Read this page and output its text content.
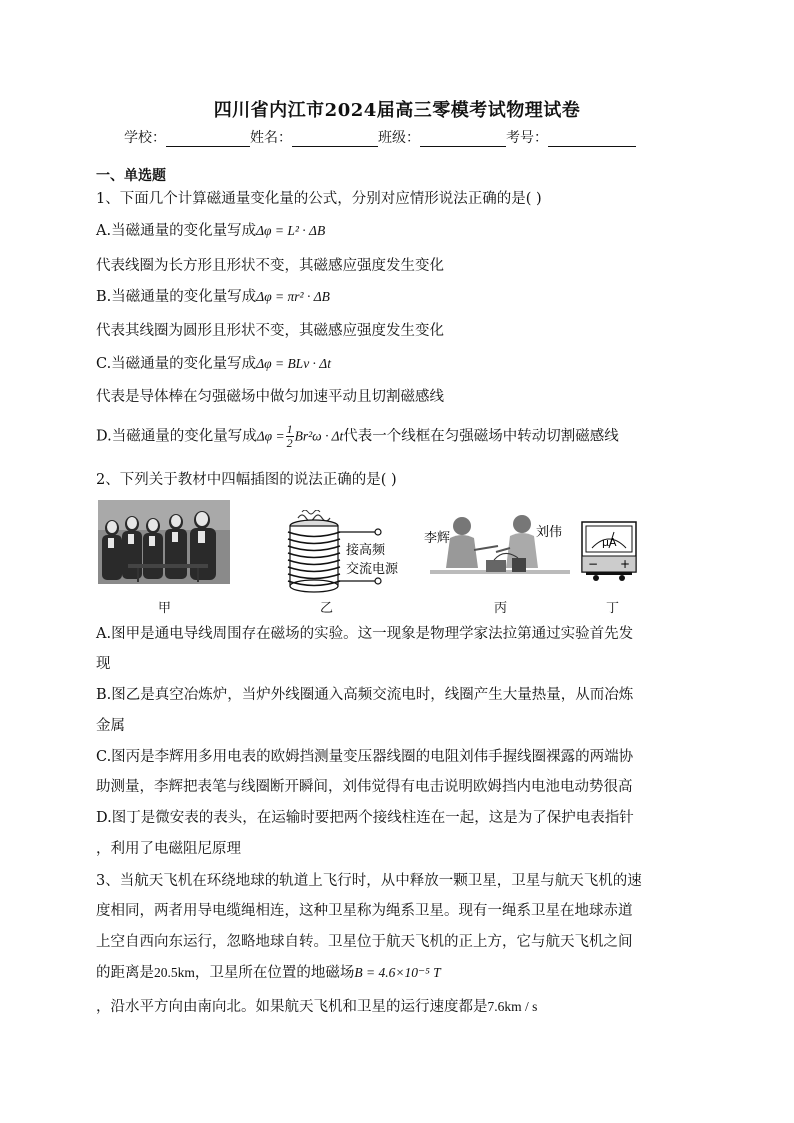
四川省内江市2024届高三零模考试物理试卷
学校：	姓名：	班级：	考号：
一、单选题
1、下面几个计算磁通量变化量的公式，分别对应情形说法正确的是( )
A.当磁通量的变化量写成Δφ = L² · ΔB
代表线圈为长方形且形状不变，其磁感应强度发生变化
B.当磁通量的变化量写成Δφ = πr² · ΔB
代表其线圈为圆形且形状不变，其磁感应强度发生变化
C.当磁通量的变化量写成Δφ = BLv · Δt
代表是导体棒在匀强磁场中做匀加速平动且切割磁感线
D.当磁通量的变化量写成$\Delta\varphi = \frac{1}{2} Br^2\omega \cdot \Delta t$代表一个线框在匀强磁场中转动切割磁感线
2、下列关于教材中四幅插图的说法正确的是( )
接高频
交流电源
李辉	刘伟
μA
− +
甲	乙	丙	丁
A.图甲是通电导线周围存在磁场的实验。这一现象是物理学家法拉第通过实验首先发
现
B.图乙是真空冶炼炉，当炉外线圈通入高频交流电时，线圈产生大量热量，从而冶炼
金属
C.图丙是李辉用多用电表的欧姆挡测量变压器线圈的电阻刘伟手握线圈裸露的两端协
助测量，李辉把表笔与线圈断开瞬间，刘伟觉得有电击说明欧姆挡内电池电动势很高
D.图丁是微安表的表头，在运输时要把两个接线柱连在一起，这是为了保护电表指针
，利用了电磁阻尼原理
3、当航天飞机在环绕地球的轨道上飞行时，从中释放一颗卫星，卫星与航天飞机的速
度相同，两者用导电缆绳相连，这种卫星称为绳系卫星。现有一绳系卫星在地球赤道
上空自西向东运行，忽略地球自转。卫星位于航天飞机的正上方，它与航天飞机之间
的距离是20.5km，卫星所在位置的地磁场B = 4.6×10⁻⁵ T
，沿水平方向由南向北。如果航天飞机和卫星的运行速度都是7.6km / s
